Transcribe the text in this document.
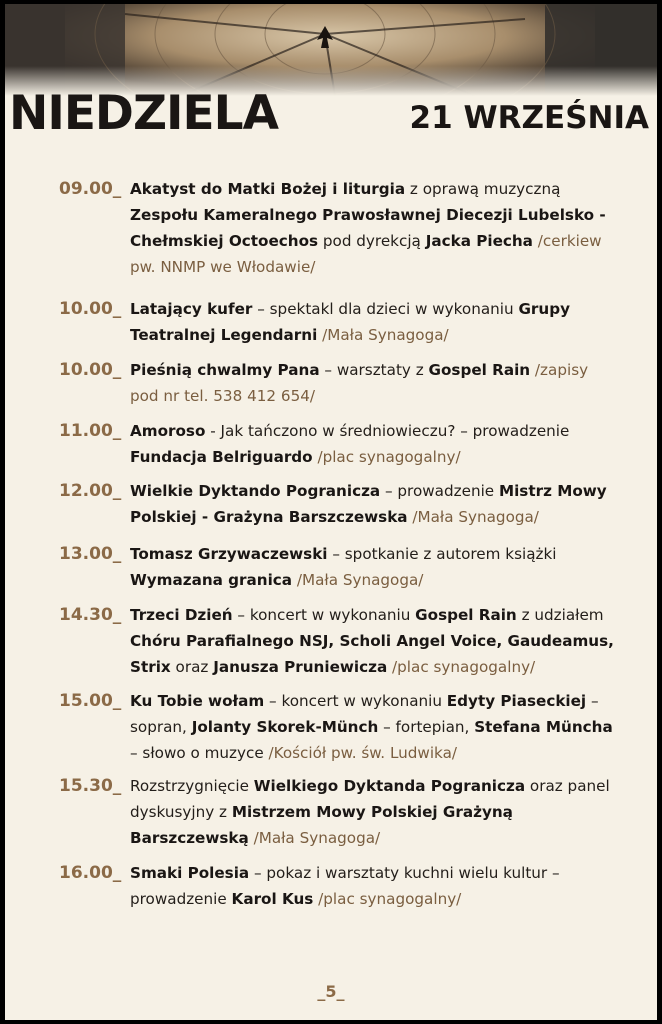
NIEDZIELA	21 WRZEŚNIA
09.00_ Akatyst do Matki Bożej i liturgia z oprawą muzyczną Zespołu Kameralnego Prawosławnej Diecezji Lubelsko -Chełmskiej Octoechos pod dyrekcją Jacka Piecha /cerkiew pw. NNMP we Włodawie/
10.00_ Latający kufer – spektakl dla dzieci w wykonaniu Grupy Teatralnej Legendarni /Mała Synagoga/
10.00_ Pieśnią chwalmy Pana – warsztaty z Gospel Rain /zapisy pod nr tel. 538 412 654/
11.00_ Amoroso - Jak tańczono w średniowieczu? – prowadzenie Fundacja Belriguardo /plac synagogalny/
12.00_ Wielkie Dyktando Pogranicza – prowadzenie Mistrz Mowy Polskiej - Grażyna Barszczewska /Mała Synagoga/
13.00_ Tomasz Grzywaczewski – spotkanie z autorem książki Wymazana granica /Mała Synagoga/
14.30_ Trzeci Dzień – koncert w wykonaniu Gospel Rain z udziałem Chóru Parafialnego NSJ, Scholi Angel Voice, Gaudeamus, Strix oraz Janusza Pruniewicza /plac synagogalny/
15.00_ Ku Tobie wołam – koncert w wykonaniu Edyty Piaseckiej – sopran, Jolanty Skorek-Münch – fortepian, Stefana Müncha – słowo o muzyce /Kościół pw. św. Ludwika/
15.30_ Rozstrzygnięcie Wielkiego Dyktanda Pogranicza oraz panel dyskusyjny z Mistrzem Mowy Polskiej Grażyną Barszczewską /Mała Synagoga/
16.00_ Smaki Polesia – pokaz i warsztaty kuchni wielu kultur – prowadzenie Karol Kus /plac synagogalny/
_5_
